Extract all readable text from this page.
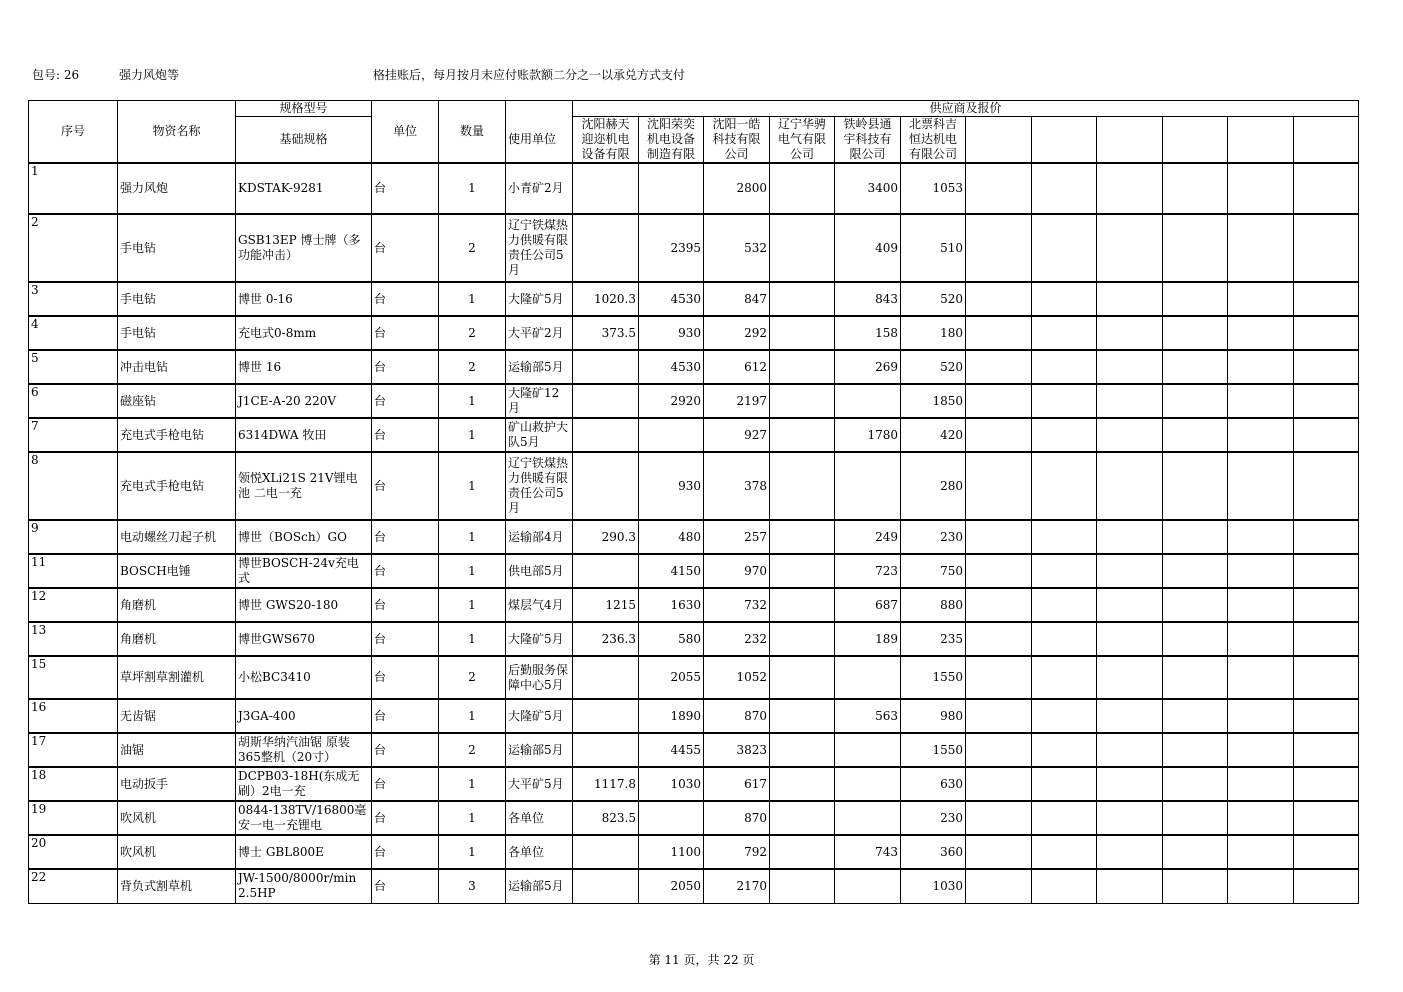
包号: 26	强力风炮等	格挂账后，每月按月末应付账款额二分之一以承兑方式支付
序号	物资名称	规格型号	单位	数量		供应商及报价											
		基础规格			使用单位	沈阳赫天
迎迩机电
设备有限	沈阳荣奕
机电设备
制造有限	沈阳一皓
科技有限
公司	辽宁华骋
电气有限
公司	铁岭县通
宇科技有
限公司	北票科吉
恒达机电
有限公司						
1	强力风炮	KDSTAK-9281	台	1	小青矿2月			2800		3400	1053						
2	手电钻	GSB13EP 博士牌（多功能冲击）	台	2	辽宁铁煤热力供暖有限责任公司5月		2395	532		409	510						
3	手电钻	博世 0-16	台	1	大隆矿5月	1020.3	4530	847		843	520						
4	手电钻	充电式0-8mm	台	2	大平矿2月	373.5	930	292		158	180						
5	冲击电钻	博世 16	台	2	运输部5月		4530	612		269	520						
6	磁座钻	J1CE-A-20 220V	台	1	大隆矿12月		2920	2197			1850						
7	充电式手枪电钻	6314DWA 牧田	台	1	矿山救护大队5月			927		1780	420						
8	充电式手枪电钻	领悦XLi21S 21V锂电池 二电一充	台	1	辽宁铁煤热力供暖有限责任公司5月		930	378			280						
9	电动螺丝刀起子机	博世（BOSch）GO	台	1	运输部4月	290.3	480	257		249	230						
11	BOSCH电锤	博世BOSCH-24v充电式	台	1	供电部5月		4150	970		723	750						
12	角磨机	博世 GWS20-180	台	1	煤层气4月	1215	1630	732		687	880						
13	角磨机	博世GWS670	台	1	大隆矿5月	236.3	580	232		189	235						
15	草坪割草割灌机	小松BC3410	台	2	后勤服务保障中心5月		2055	1052			1550						
16	无齿锯	J3GA-400	台	1	大隆矿5月		1890	870		563	980						
17	油锯	胡斯华纳汽油锯 原装365整机（20寸）	台	2	运输部5月		4455	3823			1550						
18	电动扳手	DCPB03-18H(东成无刷）2电一充	台	1	大平矿5月	1117.8	1030	617			630						
19	吹风机	0844-138TV/16800毫安一电一充锂电	台	1	各单位	823.5		870			230						
20	吹风机	博士 GBL800E	台	1	各单位		1100	792		743	360						
22	背负式割草机	JW-1500/8000r/min 2.5HP	台	3	运输部5月		2050	2170			1030						
第 11 页，共 22 页
